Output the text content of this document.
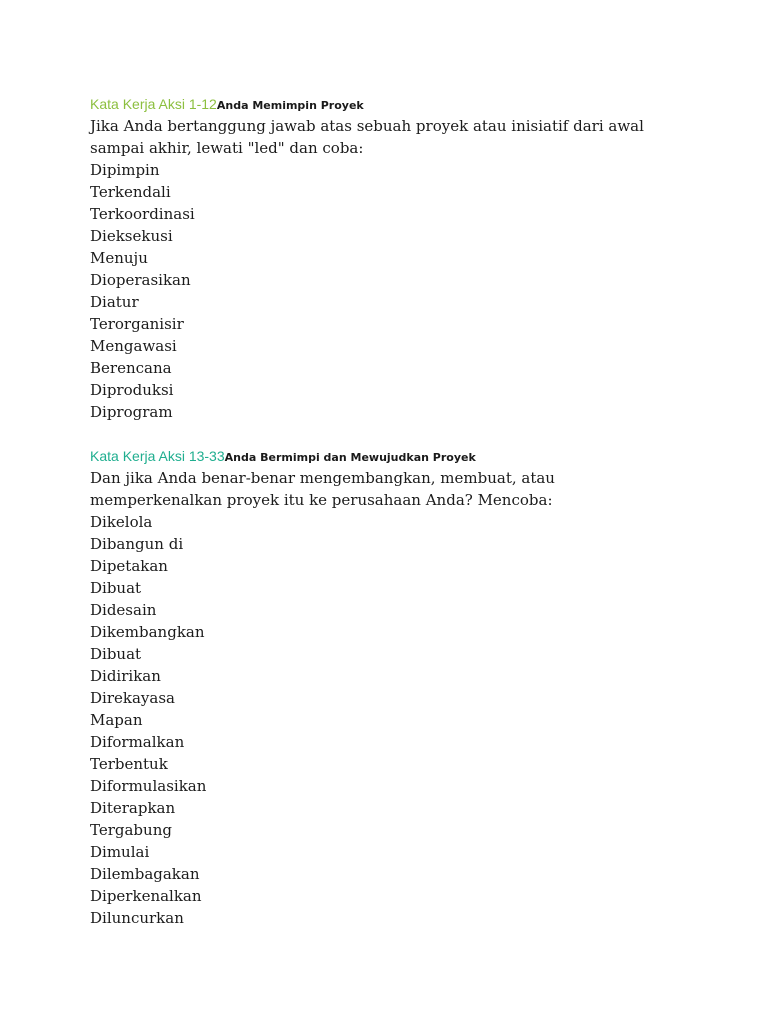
Kata Kerja Aksi 1-12Anda Memimpin Proyek

Jika Anda bertanggung jawab atas sebuah proyek atau inisiatif dari awal sampai akhir, lewati "led" dan coba:

Dipimpin
Terkendali
Terkoordinasi
Dieksekusi
Menuju
Dioperasikan
Diatur
Terorganisir
Mengawasi
Berencana
Diproduksi
Diprogram
Kata Kerja Aksi 13-33Anda Bermimpi dan Mewujudkan Proyek

Dan jika Anda benar-benar mengembangkan, membuat, atau memperkenalkan proyek itu ke perusahaan Anda? Mencoba:

Dikelola
Dibangun di
Dipetakan
Dibuat
Didesain
Dikembangkan
Dibuat
Didirikan
Direkayasa
Mapan
Diformalkan
Terbentuk
Diformulasikan
Diterapkan
Tergabung
Dimulai
Dilembagakan
Diperkenalkan
Diluncurkan
